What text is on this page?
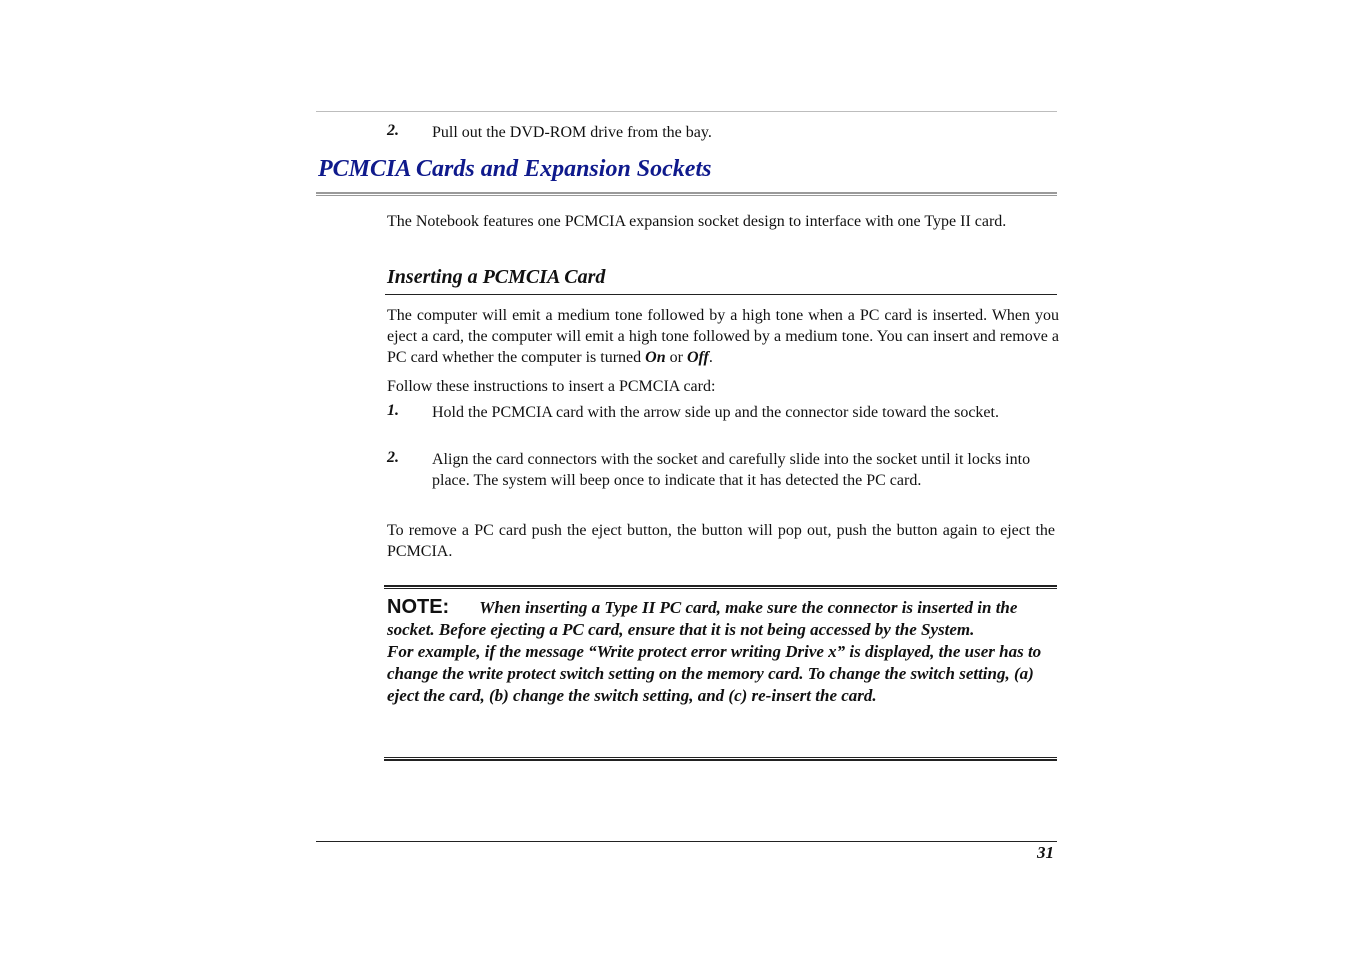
2. Pull out the DVD-ROM drive from the bay.
PCMCIA Cards and Expansion Sockets
The Notebook features one PCMCIA expansion socket design to interface with one Type II card.
Inserting a PCMCIA Card
The computer will emit a medium tone followed by a high tone when a PC card is inserted. When you eject a card, the computer will emit a high tone followed by a medium tone. You can insert and remove a PC card whether the computer is turned On or Off.
Follow these instructions to insert a PCMCIA card:
1. Hold the PCMCIA card with the arrow side up and the connector side toward the socket.
2. Align the card connectors with the socket and carefully slide into the socket until it locks into place. The system will beep once to indicate that it has detected the PC card.
To remove a PC card push the eject button, the button will pop out, push the button again to eject the PCMCIA.
NOTE: When inserting a Type II PC card, make sure the connector is inserted in the socket. Before ejecting a PC card, ensure that it is not being accessed by the System.
For example, if the message “Write protect error writing Drive x” is displayed, the user has to change the write protect switch setting on the memory card. To change the switch setting, (a) eject the card, (b) change the switch setting, and (c) re-insert the card.
31
